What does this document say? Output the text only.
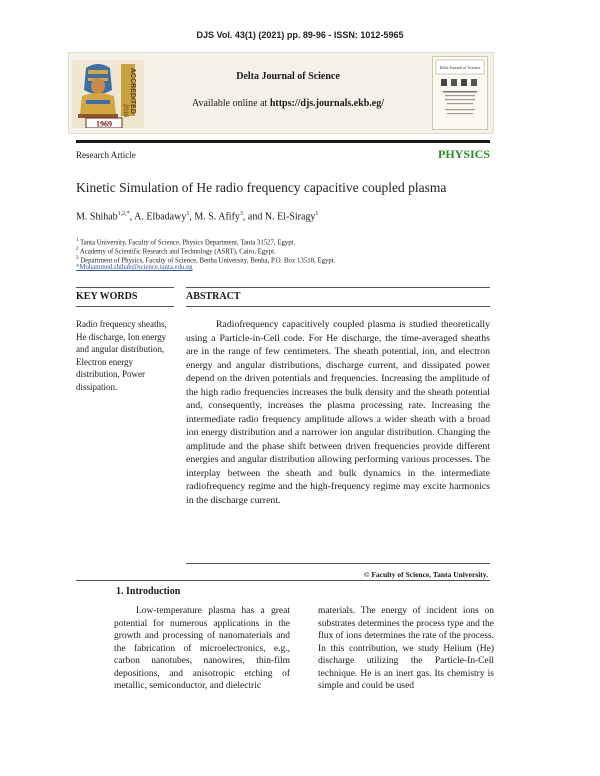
DJS Vol. 43(1) (2021) pp. 89-96 - ISSN: 1012-5965
ACCREDITED
2016
1969
Delta Journal of Science
Available online at https://djs.journals.ekb.eg/
Delta Journal of Science
Research Article	PHYSICS
Kinetic Simulation of He radio frequency capacitive coupled plasma
M. Shihab$^{1,2,*}$, A. Elbadawy$^1$, M. S. Afify$^3$, and N. El-Siragy$^1$
$^1$ Tanta University, Faculty of Science, Physics Department, Tanta 31527, Egypt.
$^2$ Academy of Scientific Research and Technology (ASRT), Cairo, Egypt.
$^3$ Department of Physics, Faculty of Science, Benha University, Benha, P.O. Box 13518, Egypt.
*Mohammed.shihab@science.tanta.edu.eg
KEY WORDS
Radio frequency sheaths, He discharge, Ion energy and angular distribution, Electron energy distribution, Power dissipation.
ABSTRACT
Radiofrequency capacitively coupled plasma is studied theoretically using a Particle-in-Cell code. For He discharge, the time-averaged sheaths are in the range of few centimeters. The sheath potential, ion, and electron energy and angular distributions, discharge current, and dissipated power depend on the driven potentials and frequencies. Increasing the amplitude of the high radio frequencies increases the bulk density and the sheath potential and, consequently, increases the plasma processing rate. Increasing the intermediate radio frequency amplitude allows a wider sheath with a broad ion energy distribution and a narrower ion angular distribution. Changing the amplitude and the phase shift between driven frequencies provide different energies and angular distribution allowing performing various processes. The interplay between the sheath and bulk dynamics in the intermediate radiofrequency regime and the high-frequency regime may excite harmonics in the discharge current.
© Faculty of Science, Tanta University.
1. Introduction
Low-temperature plasma has a great potential for numerous applications in the growth and processing of nanomaterials and the fabrication of microelectronics, e.g., carbon nanotubes, nanowires, thin-film depositions, and anisotropic etching of metallic, semiconductor, and dielectric
materials. The energy of incident ions on substrates determines the process type and the flux of ions determines the rate of the process. In this contribution, we study Helium (He) discharge utilizing the Particle-In-Cell technique. He is an inert gas. Its chemistry is simple and could be used
